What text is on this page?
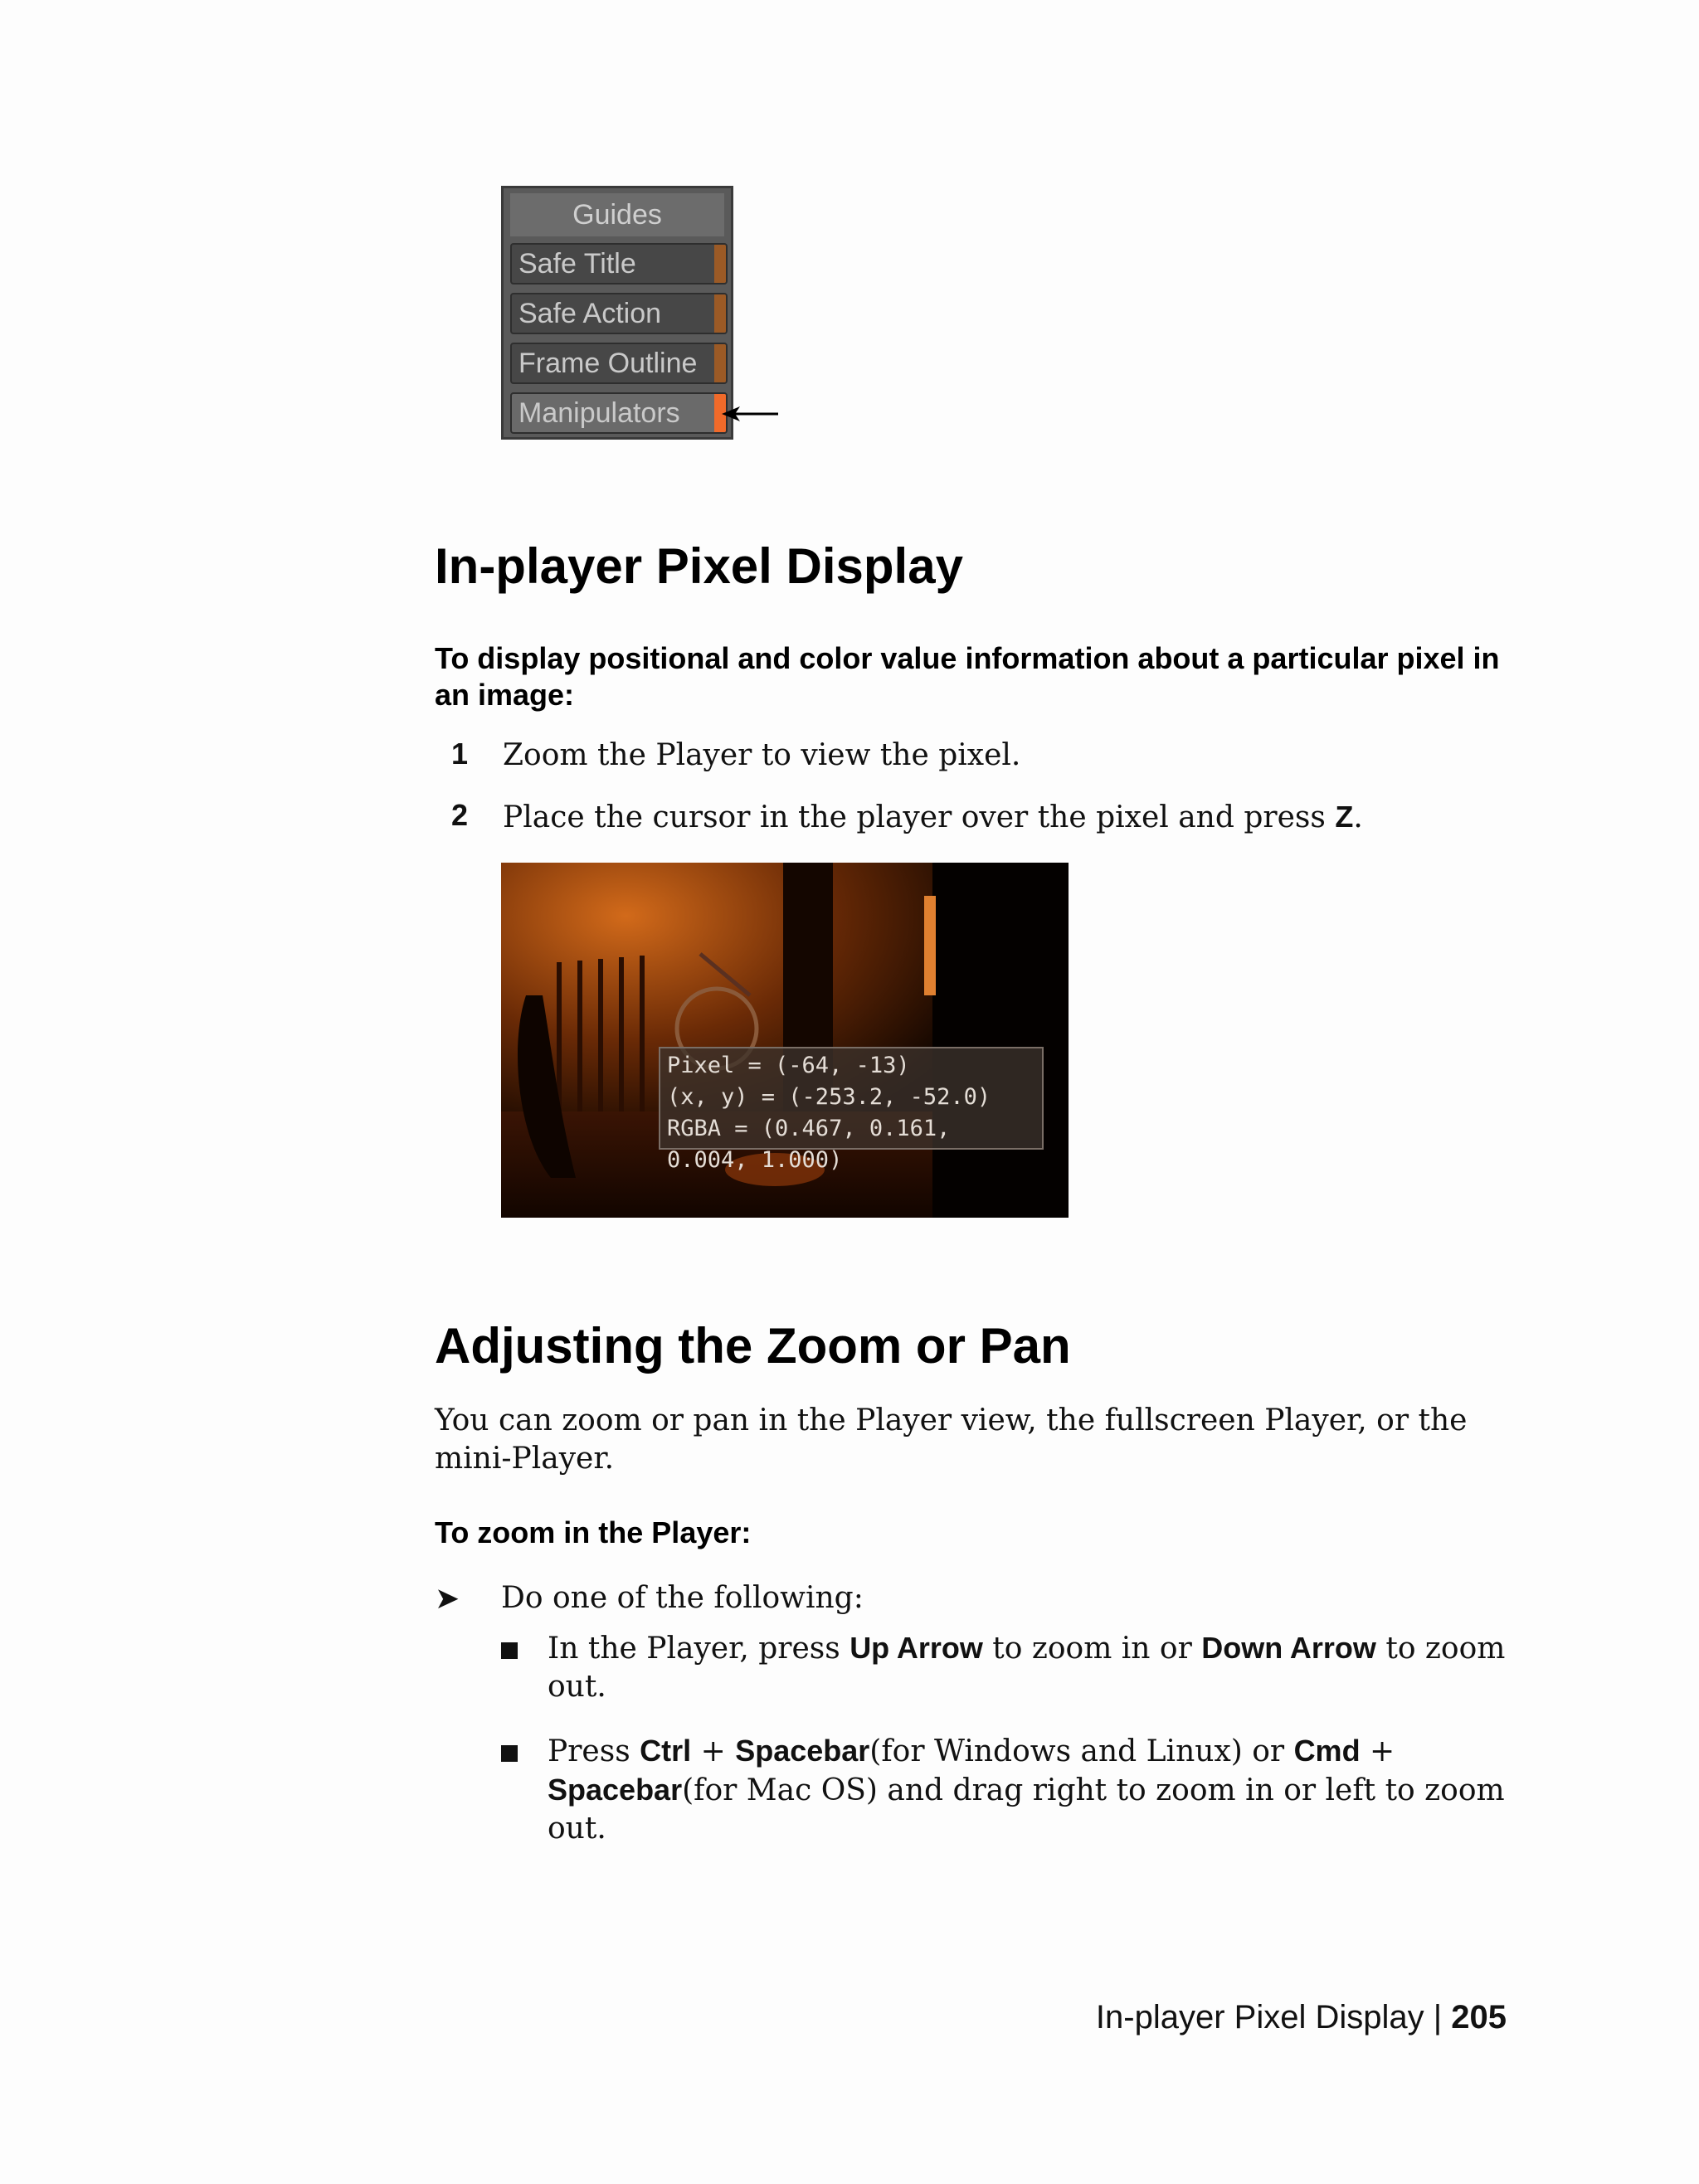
Guides
Safe Title
Safe Action
Frame Outline
Manipulators
In-player Pixel Display
To display positional and color value information about a particular pixel in an image:
1 Zoom the Player to view the pixel.
2 Place the cursor in the player over the pixel and press Z.
Pixel = (-64, -13)
(x, y) = (-253.2, -52.0)
RGBA = (0.467, 0.161, 0.004, 1.000)
Adjusting the Zoom or Pan
You can zoom or pan in the Player view, the fullscreen Player, or the mini-Player.
To zoom in the Player:
➤	Do one of the following:
In the Player, press Up Arrow to zoom in or Down Arrow to zoom out.
Press Ctrl + Spacebar(for Windows and Linux) or Cmd + Spacebar(for Mac OS) and drag right to zoom in or left to zoom out.
In-player Pixel Display | 205
